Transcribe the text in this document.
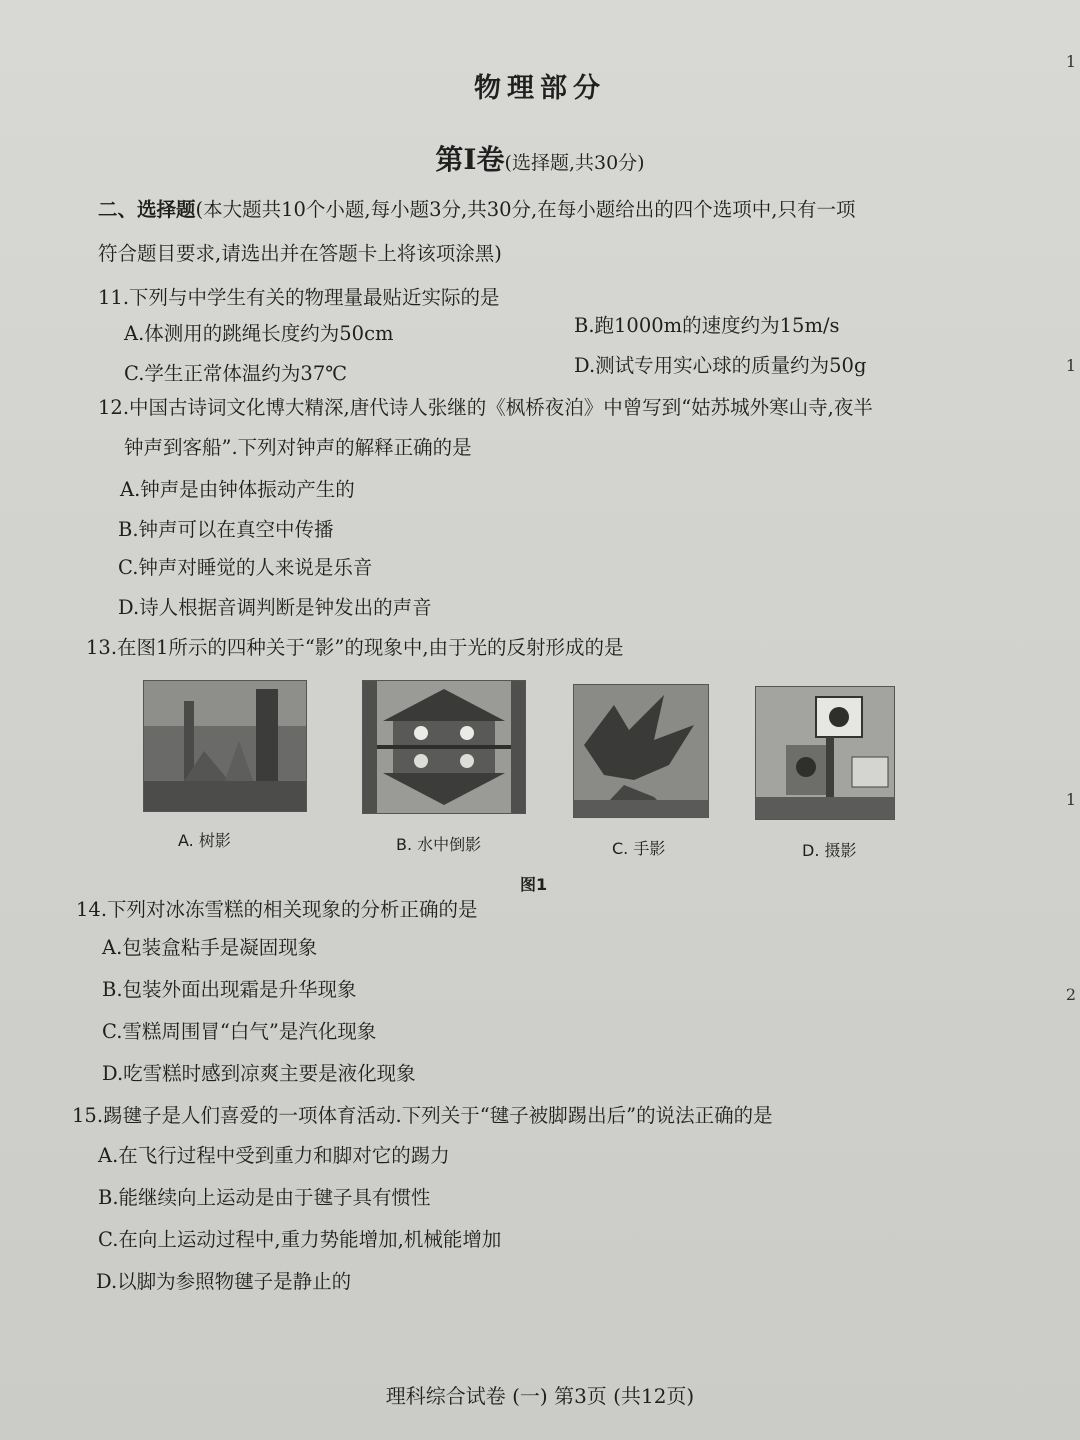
1
1
1
2
物理部分
第Ⅰ卷(选择题,共30分)
二、选择题(本大题共10个小题,每小题3分,共30分,在每小题给出的四个选项中,只有一项
符合题目要求,请选出并在答题卡上将该项涂黑)
11.下列与中学生有关的物理量最贴近实际的是
A.体测用的跳绳长度约为50cm	B.跑1000m的速度约为15m/s
C.学生正常体温约为37℃	D.测试专用实心球的质量约为50g
12.中国古诗词文化博大精深,唐代诗人张继的《枫桥夜泊》中曾写到“姑苏城外寒山寺,夜半
钟声到客船”.下列对钟声的解释正确的是
A.钟声是由钟体振动产生的
B.钟声可以在真空中传播
C.钟声对睡觉的人来说是乐音
D.诗人根据音调判断是钟发出的声音
13.在图1所示的四种关于“影”的现象中,由于光的反射形成的是
A. 树影	B. 水中倒影	C. 手影	D. 摄影
图1
14.下列对冰冻雪糕的相关现象的分析正确的是
A.包装盒粘手是凝固现象
B.包装外面出现霜是升华现象
C.雪糕周围冒“白气”是汽化现象
D.吃雪糕时感到凉爽主要是液化现象
15.踢毽子是人们喜爱的一项体育活动.下列关于“毽子被脚踢出后”的说法正确的是
A.在飞行过程中受到重力和脚对它的踢力
B.能继续向上运动是由于毽子具有惯性
C.在向上运动过程中,重力势能增加,机械能增加
D.以脚为参照物毽子是静止的
理科综合试卷 (一) 第3页 (共12页)
